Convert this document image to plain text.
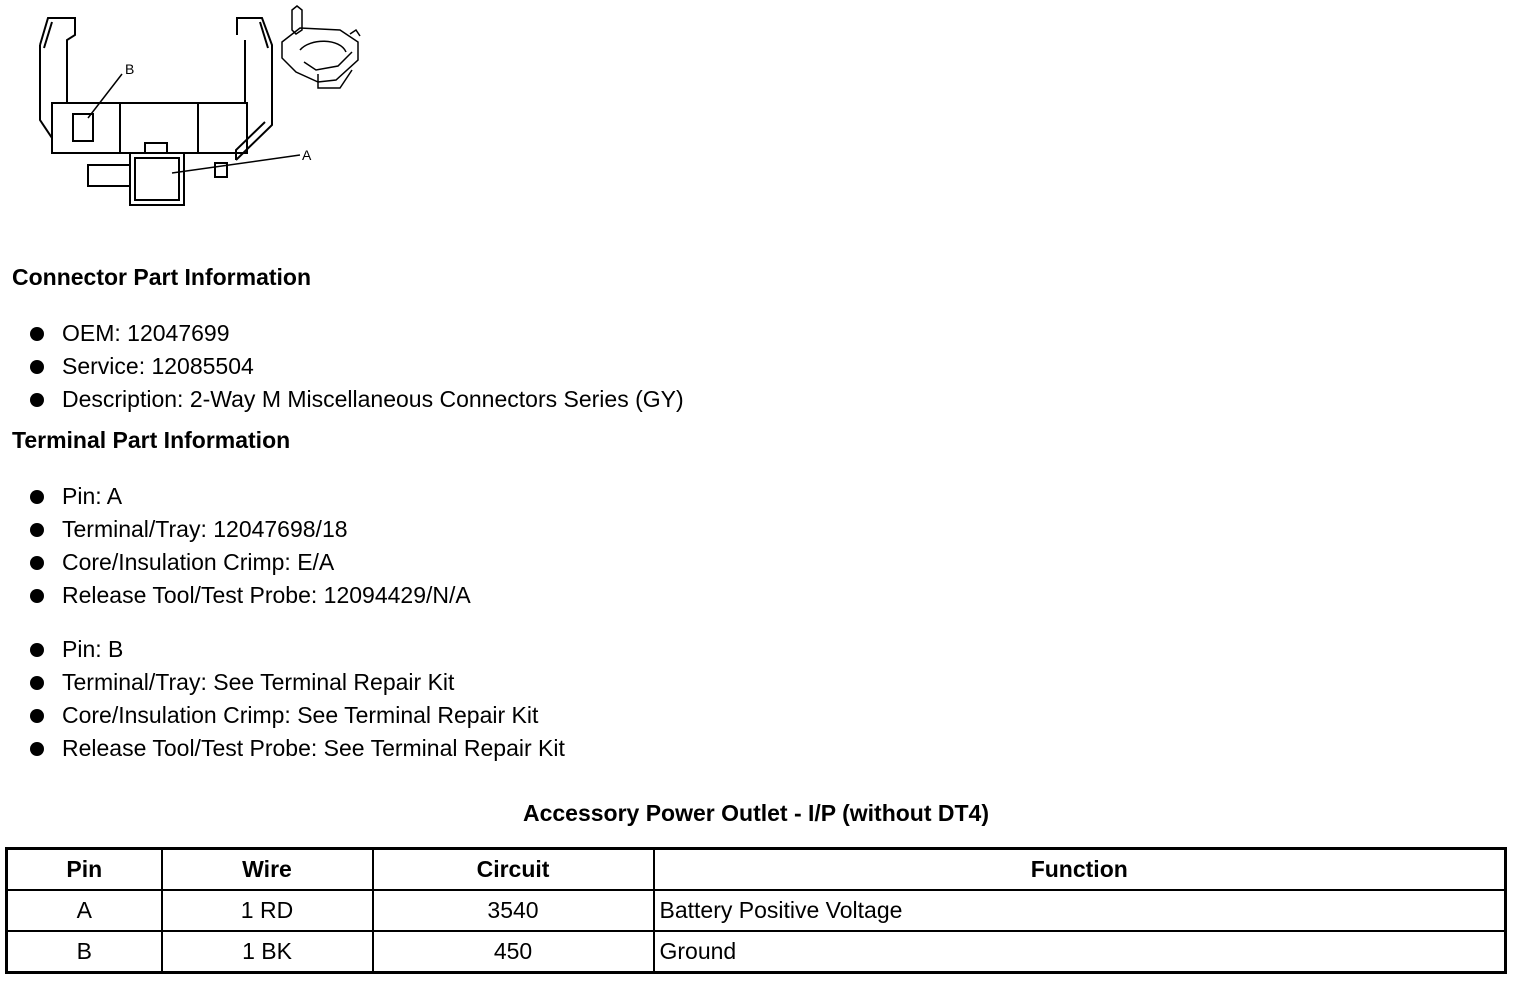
B
A
Connector Part Information
OEM: 12047699
Service: 12085504
Description: 2-Way M Miscellaneous Connectors Series (GY)
Terminal Part Information
Pin: A
Terminal/Tray: 12047698/18
Core/Insulation Crimp: E/A
Release Tool/Test Probe: 12094429/N/A
Pin: B
Terminal/Tray: See Terminal Repair Kit
Core/Insulation Crimp: See Terminal Repair Kit
Release Tool/Test Probe: See Terminal Repair Kit
Accessory Power Outlet - I/P (without DT4)
Pin	Wire	Circuit	Function
A	1 RD	3540	Battery Positive Voltage
B	1 BK	450	Ground
